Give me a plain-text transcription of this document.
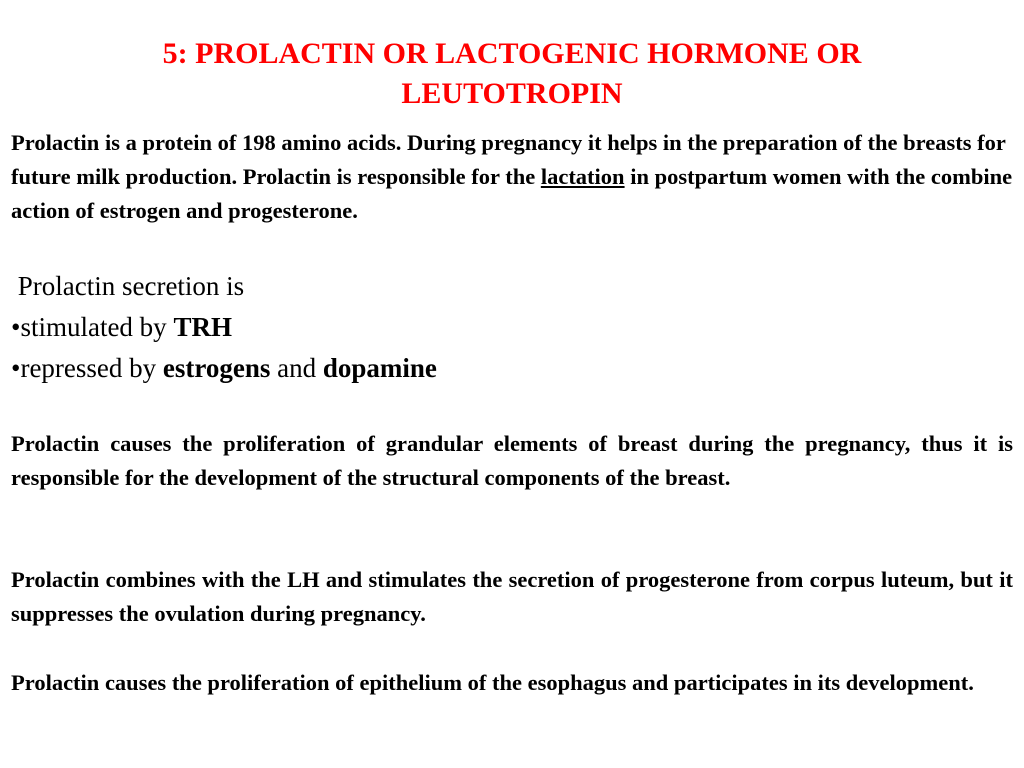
5: PROLACTIN OR LACTOGENIC HORMONE OR
LEUTOTROPIN

Prolactin is a protein of 198 amino acids. During pregnancy it helps in the preparation of the breasts for future milk production. Prolactin is responsible for the lactation in postpartum women with the combine action of estrogen and progesterone.

Prolactin secretion is
•stimulated by TRH
•repressed by estrogens and dopamine

Prolactin causes the proliferation of grandular elements of breast during the pregnancy, thus it is responsible for the development of the structural components of the breast.

Prolactin combines with the LH and stimulates the secretion of progesterone from corpus luteum, but it suppresses the ovulation during pregnancy.

Prolactin causes the proliferation of epithelium of the esophagus and participates in its development.
